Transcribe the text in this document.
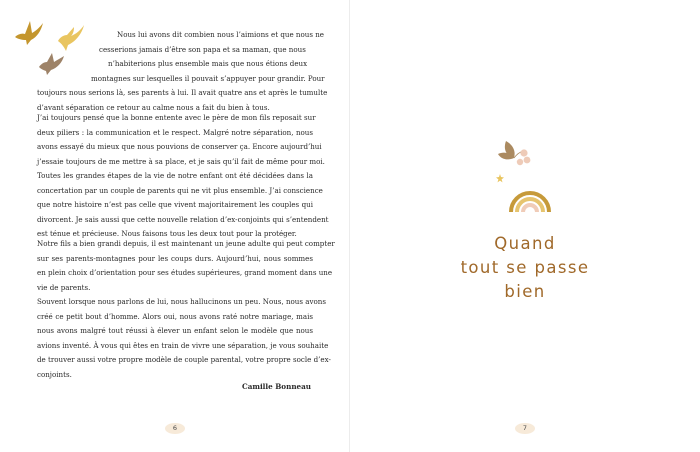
Nous lui avons dit combien nous l’aimions et que nous ne
cesserions jamais d’être son papa et sa maman, que nous
n’habiterions plus ensemble mais que nous étions deux
montagnes sur lesquelles il pouvait s’appuyer pour grandir. Pour
toujours nous serions là, ses parents à lui. Il avait quatre ans et après le tumulte
d’avant séparation ce retour au calme nous a fait du bien à tous.

J’ai toujours pensé que la bonne entente avec le père de mon fils reposait sur
deux piliers : la communication et le respect. Malgré notre séparation, nous
avons essayé du mieux que nous pouvions de conserver ça. Encore aujourd’hui
j’essaie toujours de me mettre à sa place, et je sais qu’il fait de même pour moi.
Toutes les grandes étapes de la vie de notre enfant ont été décidées dans la
concertation par un couple de parents qui ne vit plus ensemble. J’ai conscience
que notre histoire n’est pas celle que vivent majoritairement les couples qui
divorcent. Je sais aussi que cette nouvelle relation d’ex-conjoints qui s’entendent
est ténue et précieuse. Nous faisons tous les deux tout pour la protéger.

Notre fils a bien grandi depuis, il est maintenant un jeune adulte qui peut compter
sur ses parents-montagnes pour les coups durs. Aujourd’hui, nous sommes
en plein choix d’orientation pour ses études supérieures, grand moment dans une
vie de parents.

Souvent lorsque nous parlons de lui, nous hallucinons un peu. Nous, nous avons
créé ce petit bout d’homme. Alors oui, nous avons raté notre mariage, mais
nous avons malgré tout réussi à élever un enfant selon le modèle que nous
avions inventé. À vous qui êtes en train de vivre une séparation, je vous souhaite
de trouver aussi votre propre modèle de couple parental, votre propre socle d’ex-
conjoints.

Camille Bonneau

6
Quand
tout se passe
bien
7
